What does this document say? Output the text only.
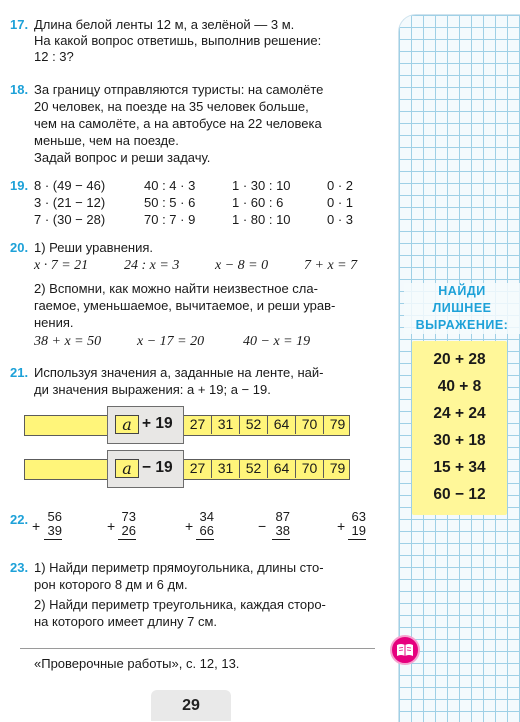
НАЙДИ
ЛИШНЕЕ
ВЫРАЖЕНИЕ:
20 + 28
40 + 8
24 + 24
30 + 18
15 + 34
60 − 12
17. Длина белой ленты 12 м, а зелёной — 3 м.
На какой вопрос ответишь, выполнив решение:
12 : 3?
18. За границу отправляются туристы: на самолёте
20 человек, на поезде на 35 человек больше,
чем на самолёте, а на автобусе на 22 человека
меньше, чем на поезде.
Задай вопрос и реши задачу.
19. 8 · (49 − 46)	40 : 4 · 3	1 · 30 : 10	0 · 2
3 · (21 − 12)	50 : 5 · 6	1 · 60 : 6	0 · 1
7 · (30 − 28)	70 : 7 · 9	1 · 80 : 10	0 · 3
20. 1) Реши уравнения.
x · 7 = 21	24 : x = 3	x − 8 = 0	7 + x = 7
2) Вспомни, как можно найти неизвестное сла-
гаемое, уменьшаемое, вычитаемое, и реши урав-
нения.
38 + x = 50	x − 17 = 20	40 − x = 19
21. Используя значения a, заданные на ленте, най-
ди значения выражения: a + 19; a − 19.
a + 19	27 31 52 64 70 79
a − 19	27 31 52 64 70 79
22. +
56
39	+
73
26	+
34
66	−
87
38	+
63
19
23. 1) Найди периметр прямоугольника, длины сто-
рон которого 8 дм и 6 дм.
2) Найди периметр треугольника, каждая сторо-
на которого имеет длину 7 см.
«Проверочные работы», с. 12, 13.
29
